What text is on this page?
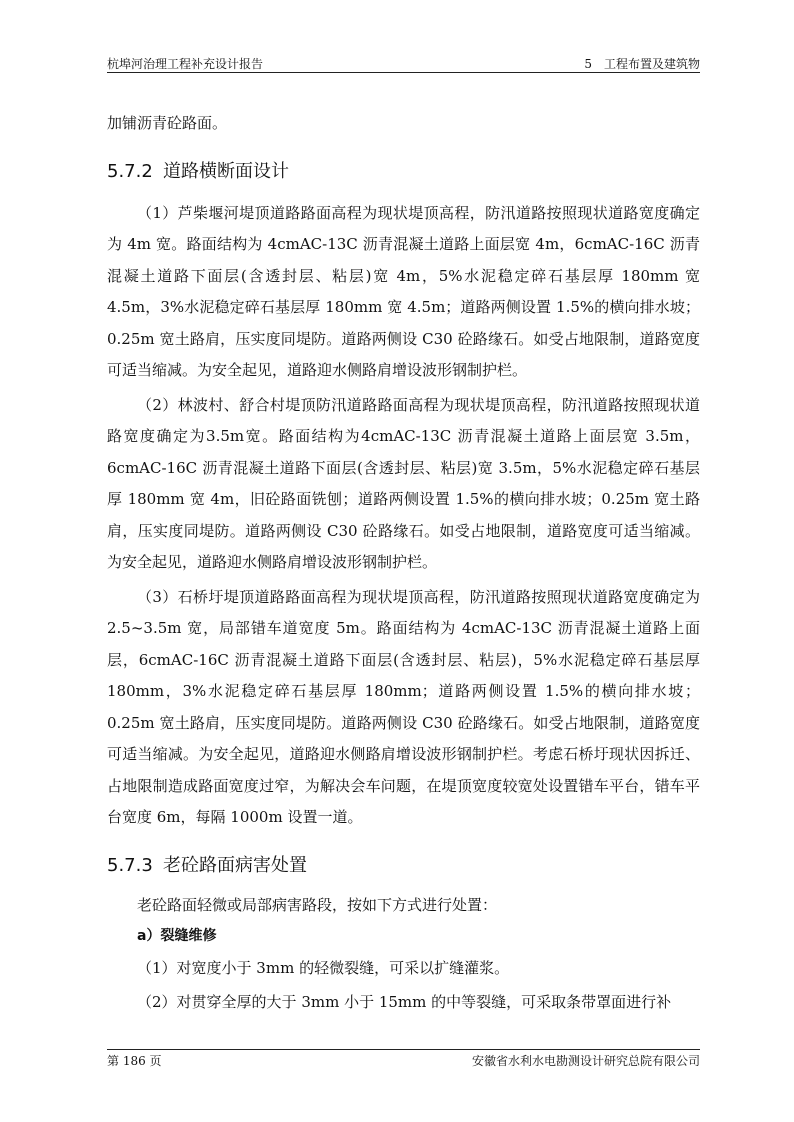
杭埠河治理工程补充设计报告	5　工程布置及建筑物

加铺沥青砼路面。

5.7.2 道路横断面设计

（1）芦柴堰河堤顶道路路面高程为现状堤顶高程，防汛道路按照现状道路宽度确定为 4m 宽。路面结构为 4cmAC-13C 沥青混凝土道路上面层宽 4m，6cmAC-16C 沥青混凝土道路下面层(含透封层、粘层)宽 4m，5%水泥稳定碎石基层厚 180mm 宽 4.5m，3%水泥稳定碎石基层厚 180mm 宽 4.5m；道路两侧设置 1.5%的横向排水坡；0.25m 宽土路肩，压实度同堤防。道路两侧设 C30 砼路缘石。如受占地限制，道路宽度可适当缩减。为安全起见，道路迎水侧路肩增设波形钢制护栏。

（2）林波村、舒合村堤顶防汛道路路面高程为现状堤顶高程，防汛道路按照现状道路宽度确定为3.5m宽。路面结构为4cmAC-13C 沥青混凝土道路上面层宽 3.5m，6cmAC-16C 沥青混凝土道路下面层(含透封层、粘层)宽 3.5m，5%水泥稳定碎石基层厚 180mm 宽 4m，旧砼路面铣刨；道路两侧设置 1.5%的横向排水坡；0.25m 宽土路肩，压实度同堤防。道路两侧设 C30 砼路缘石。如受占地限制，道路宽度可适当缩减。为安全起见，道路迎水侧路肩增设波形钢制护栏。

（3）石桥圩堤顶道路路面高程为现状堤顶高程，防汛道路按照现状道路宽度确定为 2.5~3.5m 宽，局部错车道宽度 5m。路面结构为 4cmAC-13C 沥青混凝土道路上面层，6cmAC-16C 沥青混凝土道路下面层(含透封层、粘层)，5%水泥稳定碎石基层厚 180mm，3%水泥稳定碎石基层厚 180mm；道路两侧设置 1.5%的横向排水坡；0.25m 宽土路肩，压实度同堤防。道路两侧设 C30 砼路缘石。如受占地限制，道路宽度可适当缩减。为安全起见，道路迎水侧路肩增设波形钢制护栏。考虑石桥圩现状因拆迁、占地限制造成路面宽度过窄，为解决会车问题，在堤顶宽度较宽处设置错车平台，错车平台宽度 6m，每隔 1000m 设置一道。

5.7.3 老砼路面病害处置

老砼路面轻微或局部病害路段，按如下方式进行处置：

a）裂缝维修

（1）对宽度小于 3mm 的轻微裂缝，可采以扩缝灌浆。

（2）对贯穿全厚的大于 3mm 小于 15mm 的中等裂缝，可采取条带罩面进行补

第 186 页	安徽省水利水电勘测设计研究总院有限公司
